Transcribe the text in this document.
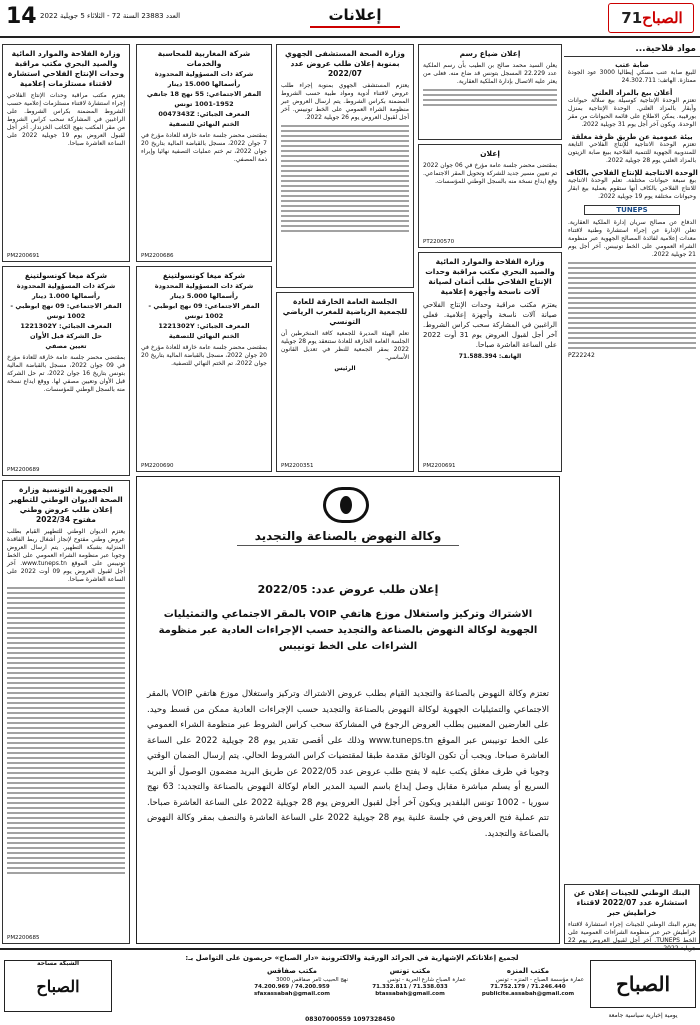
14 العدد 23883 السنة 72 - الثلاثاء 5 جويلية 2022	إعلانات	الصباح
71
وزارة الفلاحة والموارد المائية والصيد البحري مكتب مراقبة وحدات الإنتاج الفلاحي استشارة لاقتناء مستلزمات إعلامية
يعتزم مكتب مراقبة وحدات الإنتاج الفلاحي إجراء استشارة لاقتناء مستلزمات إعلامية حسب الشروط المضمنة بكراس الشروط. على الراغبين في المشاركة سحب كراس الشروط من مقر المكتب بنهج الكاتب الخزندار. آخر أجل لقبول العروض يوم 19 جويلية 2022 على الساعة العاشرة صباحا.
PM2200691
شركة ميغا كونسولتينغ
شركة ذات المسؤولية المحدودة رأسمالها 1.000 دينار
المقر الاجتماعي: 09 نهج ابوظبي - 1002 تونس
المعرف الجبائي: 1221302Y
حل الشركة قبل الأوان
تعيين مصفي
بمقتضى محضر جلسة عامة خارقة للعادة مؤرخ في 09 جوان 2022، مسجل بالقباضة المالية بتونس بتاريخ 16 جوان 2022، تم حل الشركة قبل الأوان وتعيين مصفي لها. ووقع ايداع نسخة منه بالسجل الوطني للمؤسسات.
PM2200689
الجمهورية التونسية وزارة الصحة الديوان الوطني للتطهير إعلان طلب عروض وطني مفتوح 2022/34
يعتزم الديوان الوطني للتطهير القيام بطلب عروض وطني مفتوح لإنجاز أشغال ربط الفاقدة المنزلية بشبكة التطهير. يتم ارسال العروض وجوبا عبر منظومة الشراء العمومي على الخط تونيبس على الموقع www.tuneps.tn. آخر أجل لقبول العروض يوم 09 أوت 2022 على الساعة العاشرة صباحا.
PM2200685
شركة المغاربية للمحاسبة والخدمات
شركة ذات المسؤولية المحدودة رأسمالها 15.000 دينار
المقر الاجتماعي: 55 نهج 18 جانفي 1952-1001 تونس
المعرف الجبائي: 0047343Z
الختم النهائي للتصفية
بمقتضى محضر جلسة عامة خارقة للعادة مؤرخ في 7 جوان 2022، مسجل بالقباضة المالية بتاريخ 20 جوان 2022، تم ختم عمليات التصفية نهائيا وإبراء ذمة المصفي.
PM2200686
شركة ميغا كونسولتينغ
شركة ذات المسؤولية المحدودة رأسمالها 5.000 دينار
المقر الاجتماعي: 09 نهج ابوظبي - 1002 تونس
المعرف الجبائي: 1221302Y
الختم النهائي للتصفية
بمقتضى محضر جلسة عامة خارقة للعادة مؤرخ في 20 جوان 2022، مسجل بالقباضة المالية بتاريخ 20 جوان 2022، تم الختم النهائي للتصفية.
PM2200690
وزارة الصحة المستشفى الجهوي بمنوبة إعلان طلب عروض عدد 2022/07
يعتزم المستشفى الجهوي بمنوبة إجراء طلب عروض لاقتناء أدوية ومواد طبية حسب الشروط المضمنة بكراس الشروط. يتم ارسال العروض عبر منظومة الشراء العمومي على الخط تونيبس. آخر أجل لقبول العروض يوم 26 جويلية 2022.
الجلسة العامة الخارقة للعادة للجمعية الرياضية للمغرب الرياضي التونسي
تعلم الهيئة المديرة للجمعية كافة المنخرطين أن الجلسة العامة الخارقة للعادة ستنعقد يوم 28 جويلية 2022 بمقر الجمعية للنظر في تعديل القانون الأساسي.
الرئيس
PM2200351
إعلان ضياع رسم
يعلن السيد محمد صالح بن الطيب بأن رسم الملكية عدد 22.229 المسجل بتونس قد ضاع منه. فعلى من يعثر عليه الاتصال بإدارة الملكية العقارية.
إعلان
بمقتضى محضر جلسة عامة مؤرخ في 06 جوان 2022 تم تعيين مسير جديد للشركة وتحويل المقر الاجتماعي. وقع ايداع نسخة منه بالسجل الوطني للمؤسسات.
PT2200570
وزارة الفلاحة والموارد المائية والصيد البحري مكتب مراقبة وحدات الإنتاج الفلاحي طلب أثمان لصيانة آلات ناسخة وأجهزة إعلامية
يعتزم مكتب مراقبة وحدات الإنتاج الفلاحي صيانة آلات ناسخة وأجهزة إعلامية. فعلى الراغبين في المشاركة سحب كراس الشروط. آخر أجل لقبول العروض يوم 31 أوت 2022 على الساعة العاشرة صباحا.
الهاتف: 71.588.394
PM2200691
وكالة النهوض بالصناعة والتجديد
إعلان طلب عروض عدد: 2022/05
الاشتراك وتركيز واستغلال موزع هاتفي VOIP بالمقر الاجتماعي والتمثيليات الجهوية لوكالة النهوض بالصناعة والتجديد حسب الإجراءات العادية عبر منظومة الشراءات على الخط تونيبس
تعتزم وكالة النهوض بالصناعة والتجديد القيام بطلب عروض الاشتراك وتركيز واستغلال موزع هاتفي VOIP بالمقر الاجتماعي والتمثيليات الجهوية لوكالة النهوض بالصناعة والتجديد حسب الإجراءات العادية ممكن من قسط وحيد. على العارضين المعنيين بطلب العروض الرجوع في المشاركة سحب كراس الشروط عبر منظومة الشراء العمومي على الخط تونيبس عبر الموقع www.tuneps.tn وذلك على أقصى تقدير يوم 28 جويلية 2022 على الساعة العاشرة صباحا. ويجب أن تكون الوثائق مقدمة طبقا لمقتضيات كراس الشروط الحالي. يتم إرسال الضمان الوقتي وجوبا في ظرف مغلق يكتب عليه لا يفتح طلب عروض عدد 2022/05 عن طريق البريد مضمون الوصول أو البريد السريع أو يسلم مباشرة مقابل وصل إيداع باسم السيد المدير العام لوكالة النهوض بالصناعة والتجديد: 63 نهج سوريا - 1002 تونس البلفدير ويكون آخر أجل لقبول العروض يوم 28 جويلية 2022 على الساعة العاشرة صباحا. تتم عملية فتح العروض في جلسة علنية يوم 28 جويلية 2022 على الساعة العاشرة والنصف بمقر وكالة النهوض بالصناعة والتجديد.
مواد فلاحية...
صابة عنب
للبيع صابة عنب مسكي إيطاليا 3000 عود الجودة ممتازة. الهاتف: 24.302.711
أعلان بيع بالمزاد العلني
تعتزم الوحدة الإنتاجية كوسيلة بيع سلالة حيوانات وأبقار بالمزاد العلني. الوحدة الإنتاجية بمنزل بورقيبة. يمكن الاطلاع على قائمة الحيوانات من مقر الوحدة. ويكون آخر أجل يوم 31 جويلية 2022.
بيئة عمومية عن طريق ظرفة مغلقة
تعتزم الوحدة الانتاجية للإنتاج الفلاحي التابعة للمندوبية الجهوية للتنمية الفلاحية ببيع صابة الزيتون بالمزاد العلني يوم 28 جويلية 2022.
الوحدة الانتاجية للإنتاج الفلاحي بالكاف
بيع سبعة حيوانات مختلفة. تعلم الوحدة الانتاجية للانتاج الفلاحي بالكاف أنها ستقوم بعملية بيع ابقار وحيوانات مختلفة يوم 19 جويلية 2022.
TUNEPS
الدفاع عن مصالح سريان إدارة الملكية العقارية. تعلن الإدارة عن إجراء استشارة وطنية لاقتناء معدات إعلامية لفائدة المصالح الجهوية عبر منظومة الشراء العمومي على الخط تونيبس. آخر أجل يوم 21 جويلية 2022.
PZ22242
البنك الوطني للجينات إعلان عن استشارة عدد 2022/07 لاقتناء خراطيش حبر
يعتزم البنك الوطني للجينات إجراء استشارة لاقتناء خراطيش حبر عبر منظومة الشراءات العمومية على الخط TUNEPS. آخر أجل لقبول العروض يوم 22 جويلية 2022.
لجميع إعلاناتكم الإشهارية في الجرائد الورقية والالكترونية «دار الصباح» حريصون على التواصل بـ:
الصباح
يومية إخبارية سياسية جامعة
مكتب المنزه
عمارة مؤسسة الصباح - المنزه - تونس
71.752.179 / 71.246.440
publicite.assabah@gmail.com
مكتب تونس
عمارة الصباح شارع الحرية - تونس
71.332.811 / 71.338.033
btassabah@gmail.com
مكتب صفاقس
نهج الحبيب ثامر صفاقس 3000
74.200.969 / 74.200.959
sfaxassabah@gmail.com
الشبكة مساحة
الصباح
08307000559 1097328450
